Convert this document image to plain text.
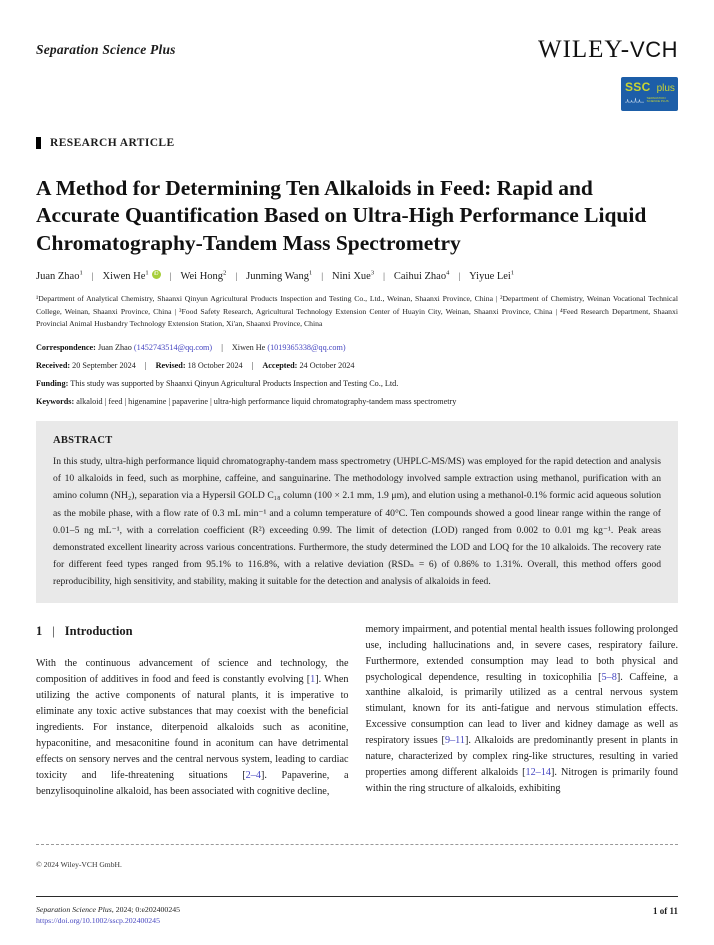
Separation Science Plus	WILEY-VCH
SSC plus
SEPARATION SCIENCE PLUS
RESEARCH ARTICLE
A Method for Determining Ten Alkaloids in Feed: Rapid and Accurate Quantification Based on Ultra-High Performance Liquid Chromatography-Tandem Mass Spectrometry
Juan Zhao$^1$ | Xiwen He$^1$ iD | Wei Hong$^2$ | Junming Wang$^1$ | Nini Xue$^3$ | Caihui Zhao$^4$ | Yiyue Lei$^1$
¹Department of Analytical Chemistry, Shaanxi Qinyun Agricultural Products Inspection and Testing Co., Ltd., Weinan, Shaanxi Province, China | ²Department of Chemistry, Weinan Vocational Technical College, Weinan, Shaanxi Province, China | ³Food Safety Research, Agricultural Technology Extension Center of Huayin City, Weinan, Shaanxi Province, China | ⁴Feed Research Department, Shaanxi Provincial Animal Husbandry Technology Extension Station, Xi'an, Shaanxi Province, China
Correspondence: Juan Zhao (1452743514@qq.com) | Xiwen He (1019365338@qq.com)
Received: 20 September 2024 | Revised: 18 October 2024 | Accepted: 24 October 2024
Funding: This study was supported by Shaanxi Qinyun Agricultural Products Inspection and Testing Co., Ltd.
Keywords: alkaloid | feed | higenamine | papaverine | ultra-high performance liquid chromatography-tandem mass spectrometry
ABSTRACT
In this study, ultra-high performance liquid chromatography-tandem mass spectrometry (UHPLC-MS/MS) was employed for the rapid detection and analysis of 10 alkaloids in feed, such as morphine, caffeine, and sanguinarine. The methodology involved sample extraction using methanol, purification with an amino column (NH₂), separation via a Hypersil GOLD C₁₈ column (100 × 2.1 mm, 1.9 μm), and elution using a methanol-0.1% formic acid aqueous solution as the mobile phase, with a flow rate of 0.3 mL min⁻¹ and a column temperature of 40°C. Ten compounds showed a good linear range within the range of 0.01–5 ng mL⁻¹, with a correlation coefficient (R²) exceeding 0.99. The limit of detection (LOD) ranged from 0.002 to 0.01 mg kg⁻¹. Peak areas demonstrated excellent linearity across various concentrations. Furthermore, the study determined the LOD and LOQ for the 10 alkaloids. The recovery rate for different feed types ranged from 95.1% to 116.8%, with a relative deviation (RSDₙ = 6) of 0.86% to 1.31%. Overall, this method offers good reproducibility, high sensitivity, and stability, making it suitable for the detection and analysis of alkaloids in feed.
1 | Introduction

With the continuous advancement of science and technology, the composition of additives in food and feed is constantly evolving [1]. When utilizing the active components of natural plants, it is imperative to eliminate any toxic active substances that may coexist with the beneficial ingredients. For instance, diterpenoid alkaloids such as aconitine, hypaconitine, and mesaconitine found in aconitum can have detrimental effects on sensory nerves and the central nervous system, leading to cardiac toxicity and life-threatening situations [2–4]. Papaverine, a benzylisoquinoline alkaloid, has been associated with cognitive decline,

memory impairment, and potential mental health issues following prolonged use, including hallucinations and, in severe cases, respiratory failure. Furthermore, extended consumption may lead to both physical and psychological dependence, resulting in toxicophilia [5–8]. Caffeine, a xanthine alkaloid, is primarily utilized as a central nervous system stimulant, known for its anti-fatigue and nervous stimulation effects. Excessive consumption can lead to liver and kidney damage as well as respiratory issues [9–11]. Alkaloids are predominantly present in plants in nature, characterized by complex ring-like structures, resulting in varied properties among different alkaloids [12–14]. Nitrogen is primarily found within the ring structure of alkaloids, exhibiting

© 2024 Wiley-VCH GmbH.
Separation Science Plus, 2024; 0:e202400245
https://doi.org/10.1002/sscp.202400245
1 of 11
